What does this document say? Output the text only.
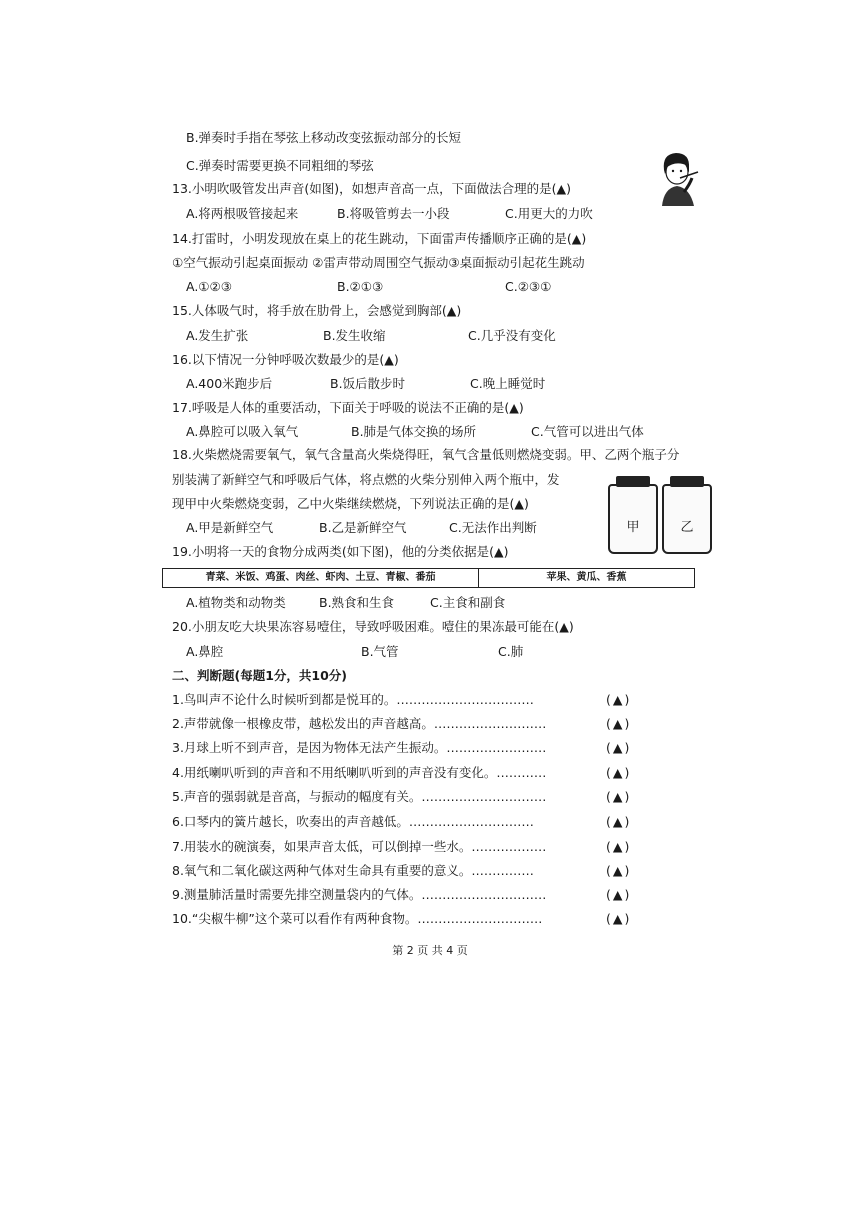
B.弹奏时手指在琴弦上移动改变弦振动部分的长短
C.弹奏时需要更换不同粗细的琴弦
13.小明吹吸管发出声音(如图)，如想声音高一点，下面做法合理的是(▲)
A.将两根吸管接起来	B.将吸管剪去一小段	C.用更大的力吹
14.打雷时，小明发现放在桌上的花生跳动，下面雷声传播顺序正确的是(▲)
①空气振动引起桌面振动 ②雷声带动周围空气振动③桌面振动引起花生跳动
A.①②③	B.②①③	C.②③①
15.人体吸气时，将手放在肋骨上，会感觉到胸部(▲)
A.发生扩张	B.发生收缩	C.几乎没有变化
16.以下情况一分钟呼吸次数最少的是(▲)
A.400米跑步后	B.饭后散步时	C.晚上睡觉时
17.呼吸是人体的重要活动，下面关于呼吸的说法不正确的是(▲)
A.鼻腔可以吸入氧气	B.肺是气体交换的场所	C.气管可以进出气体
18.火柴燃烧需要氧气，氧气含量高火柴烧得旺，氧气含量低则燃烧变弱。甲、乙两个瓶子分
别装满了新鲜空气和呼吸后气体，将点燃的火柴分别伸入两个瓶中，发
现甲中火柴燃烧变弱，乙中火柴继续燃烧，下列说法正确的是(▲)
A.甲是新鲜空气	B.乙是新鲜空气	C.无法作出判断	甲	乙
19.小明将一天的食物分成两类(如下图)，他的分类依据是(▲)
青菜、米饭、鸡蛋、肉丝、虾肉、土豆、青椒、番茄	苹果、黄瓜、香蕉
A.植物类和动物类	B.熟食和生食	C.主食和副食
20.小朋友吃大块果冻容易噎住，导致呼吸困难。噎住的果冻最可能在(▲)
A.鼻腔	B.气管	C.肺
二、判断题(每题1分，共10分)
1.鸟叫声不论什么时候听到都是悦耳的。……………………………	(▲)
2.声带就像一根橡皮带，越松发出的声音越高。………………………	(▲)
3.月球上听不到声音，是因为物体无法产生振动。……………………	(▲)
4.用纸喇叭听到的声音和不用纸喇叭听到的声音没有变化。…………	(▲)
5.声音的强弱就是音高，与振动的幅度有关。…………………………	(▲)
6.口琴内的簧片越长，吹奏出的声音越低。…………………………	(▲)
7.用装水的碗演奏，如果声音太低，可以倒掉一些水。………………	(▲)
8.氧气和二氧化碳这两种气体对生命具有重要的意义。……………	(▲)
9.测量肺活量时需要先排空测量袋内的气体。…………………………	(▲)
10.“尖椒牛柳”这个菜可以看作有两种食物。…………………………	(▲)
第 2 页 共 4 页
